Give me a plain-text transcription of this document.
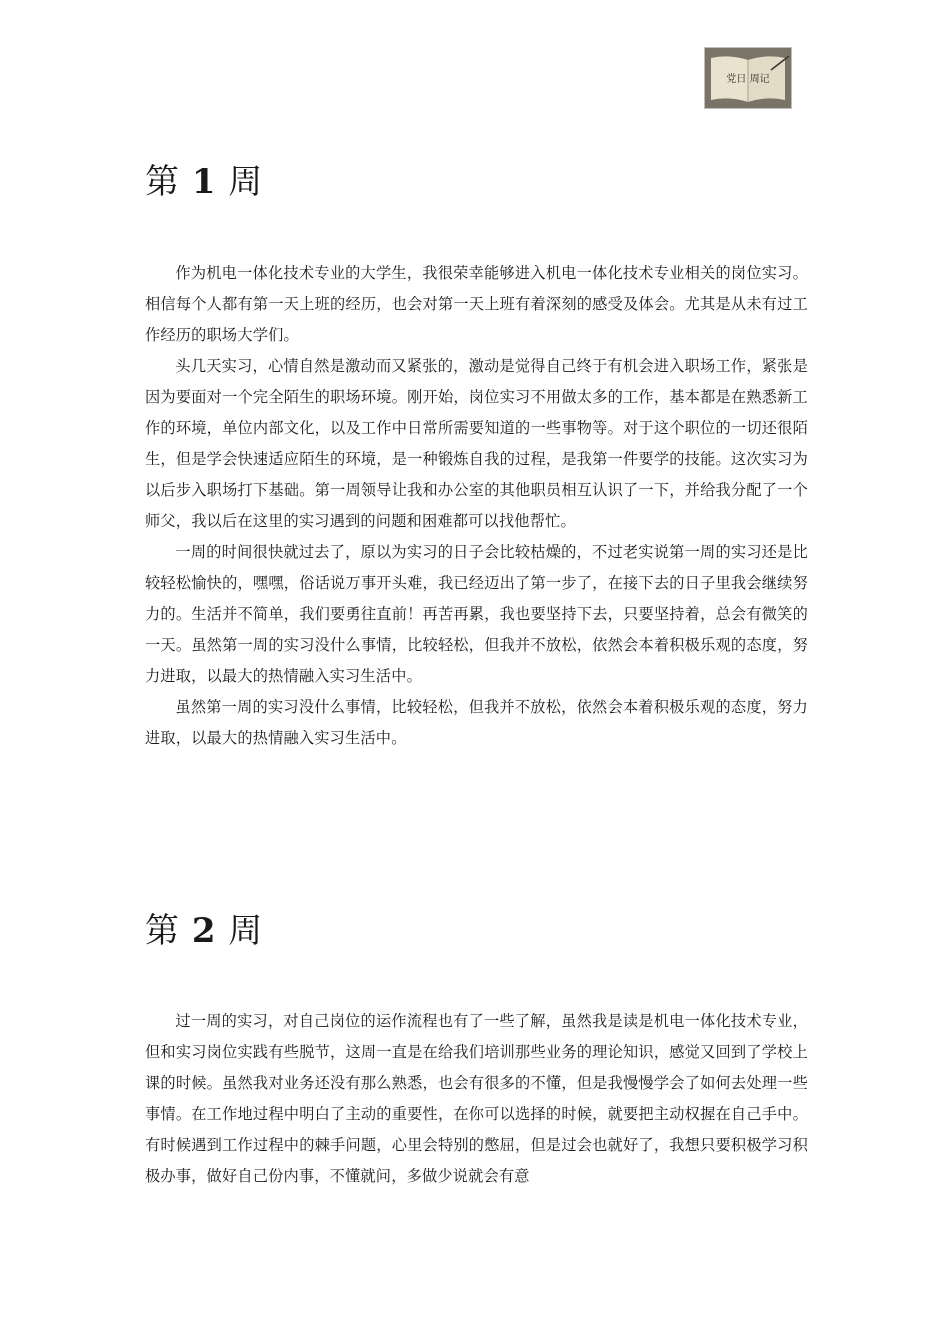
党日 周记
第 1 周

作为机电一体化技术专业的大学生，我很荣幸能够进入机电一体化技术专业相关的岗位实习。相信每个人都有第一天上班的经历，也会对第一天上班有着深刻的感受及体会。尤其是从未有过工作经历的职场大学们。

头几天实习，心情自然是激动而又紧张的，激动是觉得自己终于有机会进入职场工作，紧张是因为要面对一个完全陌生的职场环境。刚开始，岗位实习不用做太多的工作，基本都是在熟悉新工作的环境，单位内部文化，以及工作中日常所需要知道的一些事物等。对于这个职位的一切还很陌生，但是学会快速适应陌生的环境，是一种锻炼自我的过程，是我第一件要学的技能。这次实习为以后步入职场打下基础。第一周领导让我和办公室的其他职员相互认识了一下，并给我分配了一个师父，我以后在这里的实习遇到的问题和困难都可以找他帮忙。

一周的时间很快就过去了，原以为实习的日子会比较枯燥的，不过老实说第一周的实习还是比较轻松愉快的，嘿嘿，俗话说万事开头难，我已经迈出了第一步了，在接下去的日子里我会继续努力的。生活并不简单，我们要勇往直前！再苦再累，我也要坚持下去，只要坚持着，总会有微笑的一天。虽然第一周的实习没什么事情，比较轻松，但我并不放松，依然会本着积极乐观的态度，努力进取，以最大的热情融入实习生活中。

虽然第一周的实习没什么事情，比较轻松，但我并不放松，依然会本着积极乐观的态度，努力进取，以最大的热情融入实习生活中。

第 2 周

过一周的实习，对自己岗位的运作流程也有了一些了解，虽然我是读是机电一体化技术专业，但和实习岗位实践有些脱节，这周一直是在给我们培训那些业务的理论知识，感觉又回到了学校上课的时候。虽然我对业务还没有那么熟悉，也会有很多的不懂，但是我慢慢学会了如何去处理一些事情。在工作地过程中明白了主动的重要性，在你可以选择的时候，就要把主动权握在自己手中。有时候遇到工作过程中的棘手问题，心里会特别的憋屈，但是过会也就好了，我想只要积极学习积极办事，做好自己份内事，不懂就问，多做少说就会有意
